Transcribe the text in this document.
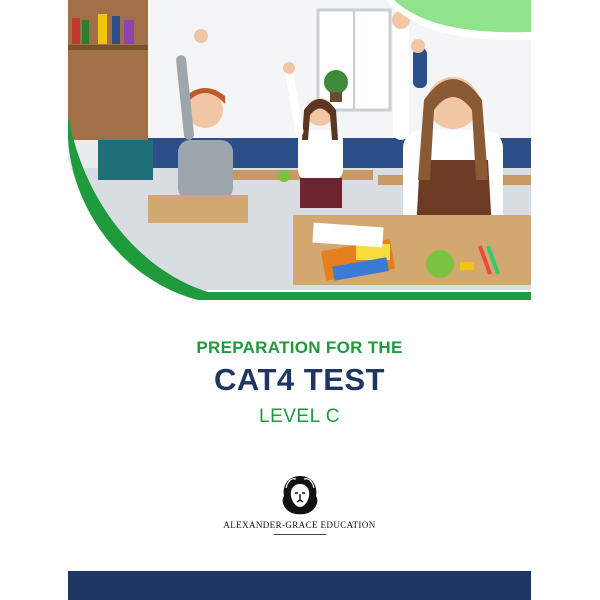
PREPARATION FOR THE

CAT4 TEST

LEVEL C

ALEXANDER-GRACE EDUCATION
